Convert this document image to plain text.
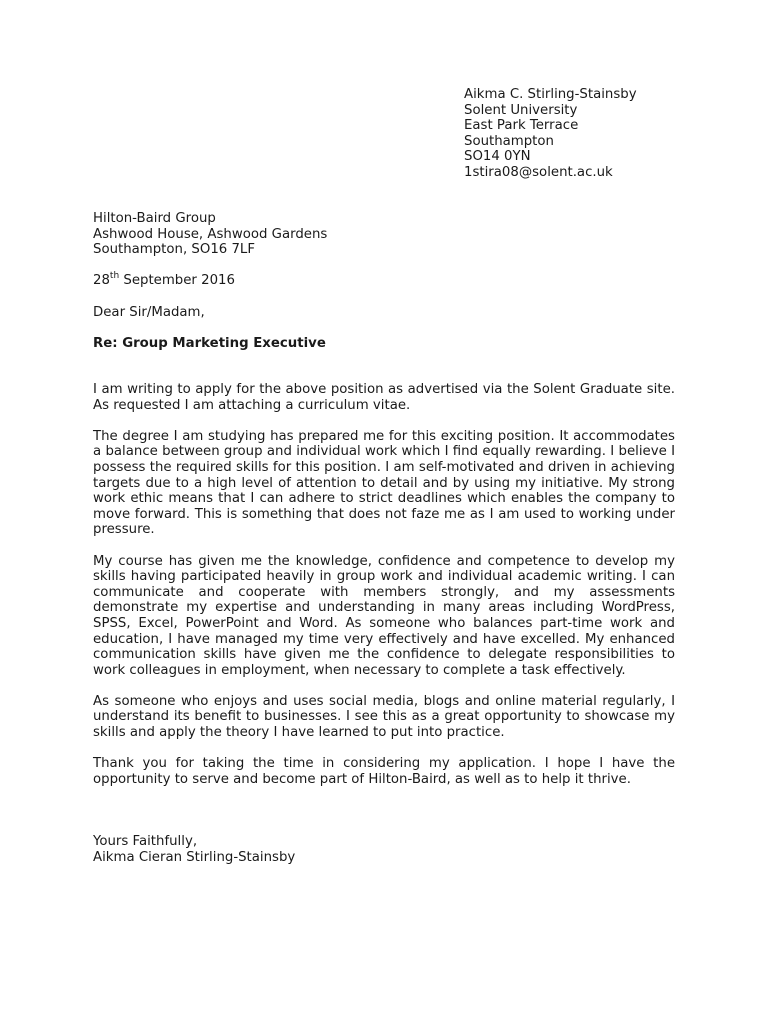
Aikma C. Stirling-Stainsby
Solent University
East Park Terrace
Southampton
SO14 0YN
1stira08@solent.ac.uk
Hilton-Baird Group
Ashwood House, Ashwood Gardens
Southampton, SO16 7LF
28th September 2016
Dear Sir/Madam,
Re: Group Marketing Executive

I am writing to apply for the above position as advertised via the Solent Graduate site. As requested I am attaching a curriculum vitae.

The degree I am studying has prepared me for this exciting position. It accommodates a balance between group and individual work which I find equally rewarding. I believe I possess the required skills for this position. I am self-motivated and driven in achieving targets due to a high level of attention to detail and by using my initiative. My strong work ethic means that I can adhere to strict deadlines which enables the company to move forward. This is something that does not faze me as I am used to working under pressure.

My course has given me the knowledge, confidence and competence to develop my skills having participated heavily in group work and individual academic writing. I can communicate and cooperate with members strongly, and my assessments demonstrate my expertise and understanding in many areas including WordPress, SPSS, Excel, PowerPoint and Word. As someone who balances part-time work and education, I have managed my time very effectively and have excelled. My enhanced communication skills have given me the confidence to delegate responsibilities to work colleagues in employment, when necessary to complete a task effectively.

As someone who enjoys and uses social media, blogs and online material regularly, I understand its benefit to businesses. I see this as a great opportunity to showcase my skills and apply the theory I have learned to put into practice.

Thank you for taking the time in considering my application. I hope I have the opportunity to serve and become part of Hilton-Baird, as well as to help it thrive.

Yours Faithfully,
Aikma Cieran Stirling-Stainsby
